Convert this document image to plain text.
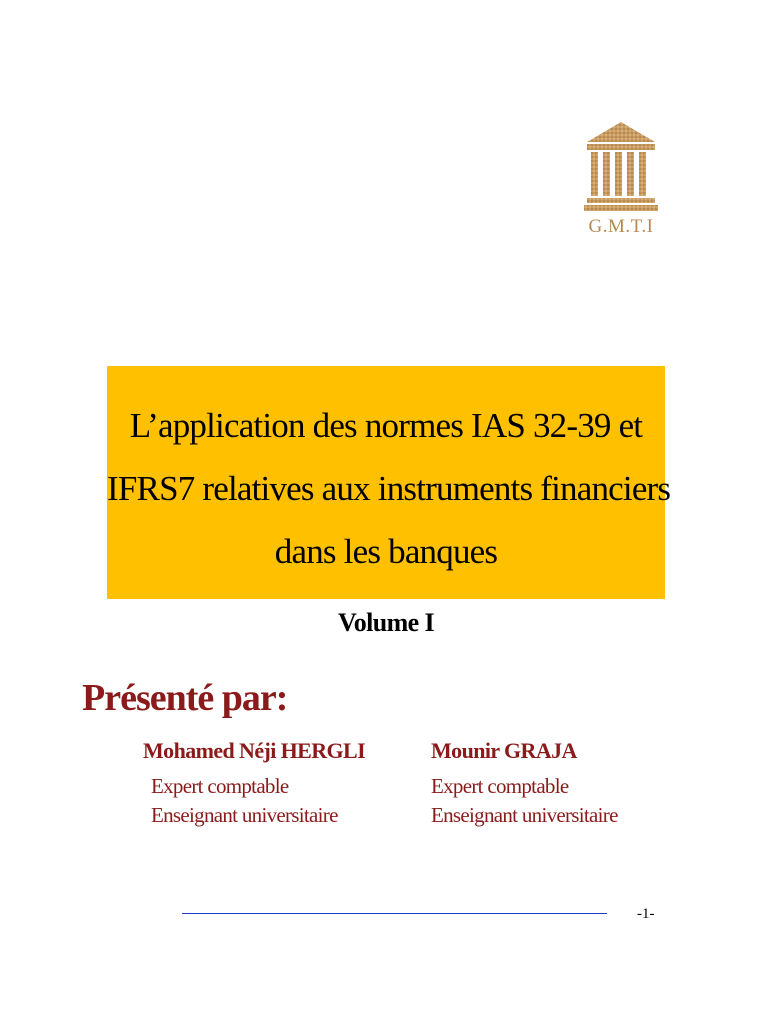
G.M.T.I
L’application des normes IAS 32-39 et
IFRS7 relatives aux instruments financiers
dans les banques
Volume I
Présenté par:
Mohamed Néji HERGLI
Expert comptable
Enseignant universitaire
Mounir GRAJA
Expert comptable
Enseignant universitaire
-1-
